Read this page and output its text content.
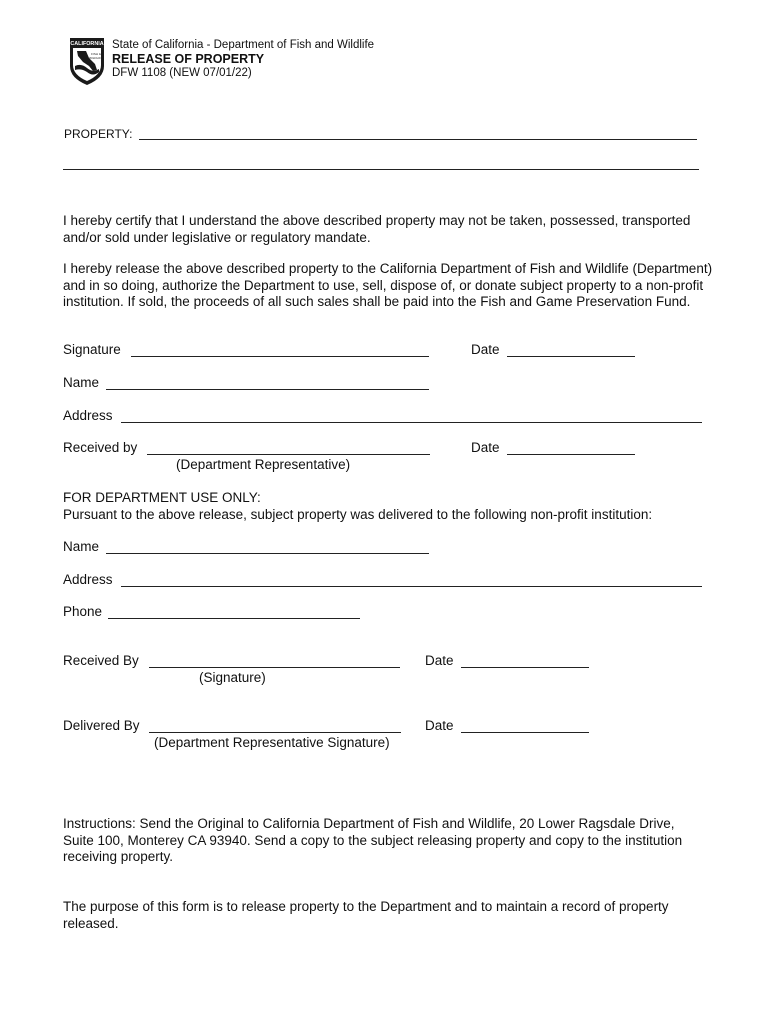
CALIFORNIA
FISH &
WILDLIFE
State of California - Department of Fish and Wildlife
RELEASE OF PROPERTY
DFW 1108 (NEW 07/01/22)
PROPERTY:
I hereby certify that I understand the above described property may not be taken, possessed, transported and/or sold under legislative or regulatory mandate.
I hereby release the above described property to the California Department of Fish and Wildlife (Department) and in so doing, authorize the Department to use, sell, dispose of, or donate subject property to a non-profit institution. If sold, the proceeds of all such sales shall be paid into the Fish and Game Preservation Fund.
Signature	Date
Name
Address
Received by	Date
(Department Representative)
FOR DEPARTMENT USE ONLY:
Pursuant to the above release, subject property was delivered to the following non-profit institution:
Name
Address
Phone
Received By	Date
(Signature)
Delivered By	Date
(Department Representative Signature)
Instructions: Send the Original to California Department of Fish and Wildlife, 20 Lower Ragsdale Drive, Suite 100, Monterey CA 93940. Send a copy to the subject releasing property and copy to the institution receiving property.
The purpose of this form is to release property to the Department and to maintain a record of property released.
